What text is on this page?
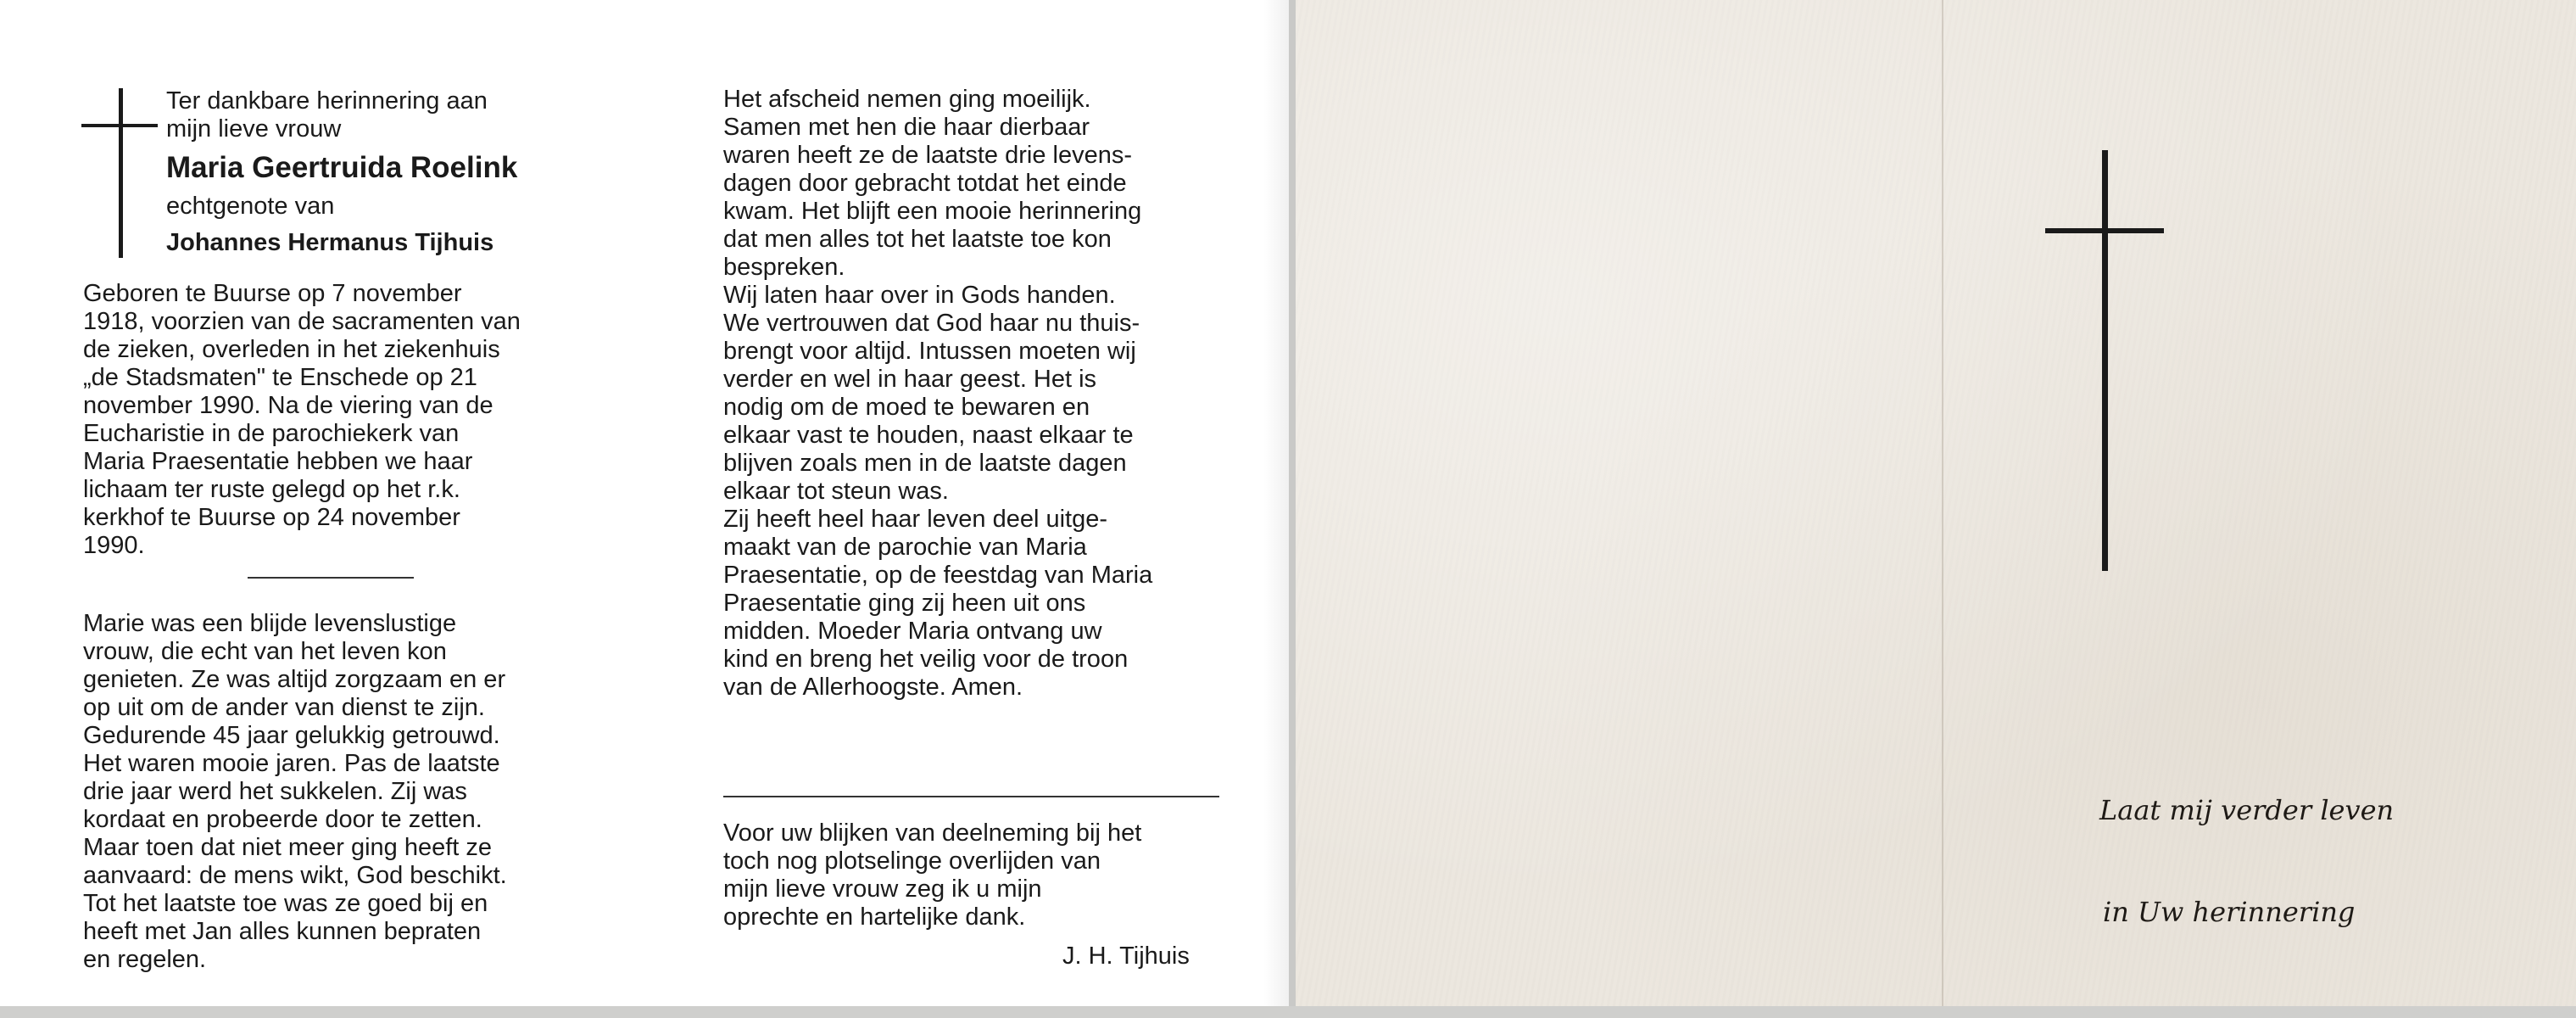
Ter dankbare herinnering aan
mijn lieve vrouw
Maria Geertruida Roelink
echtgenote van
Johannes Hermanus Tijhuis
Geboren te Buurse op 7 november
1918, voorzien van de sacramenten van
de zieken, overleden in het ziekenhuis
„de Stadsmaten" te Enschede op 21
november 1990. Na de viering van de
Eucharistie in de parochiekerk van
Maria Praesentatie hebben we haar
lichaam ter ruste gelegd op het r.k.
kerkhof te Buurse op 24 november
1990.
Marie was een blijde levenslustige
vrouw, die echt van het leven kon
genieten. Ze was altijd zorgzaam en er
op uit om de ander van dienst te zijn.
Gedurende 45 jaar gelukkig getrouwd.
Het waren mooie jaren. Pas de laatste
drie jaar werd het sukkelen. Zij was
kordaat en probeerde door te zetten.
Maar toen dat niet meer ging heeft ze
aanvaard: de mens wikt, God beschikt.
Tot het laatste toe was ze goed bij en
heeft met Jan alles kunnen bepraten
en regelen.
Het afscheid nemen ging moeilijk.
Samen met hen die haar dierbaar
waren heeft ze de laatste drie levens-
dagen door gebracht totdat het einde
kwam. Het blijft een mooie herinnering
dat men alles tot het laatste toe kon
bespreken.
Wij laten haar over in Gods handen.
We vertrouwen dat God haar nu thuis-
brengt voor altijd. Intussen moeten wij
verder en wel in haar geest. Het is
nodig om de moed te bewaren en
elkaar vast te houden, naast elkaar te
blijven zoals men in de laatste dagen
elkaar tot steun was.
Zij heeft heel haar leven deel uitge-
maakt van de parochie van Maria
Praesentatie, op de feestdag van Maria
Praesentatie ging zij heen uit ons
midden. Moeder Maria ontvang uw
kind en breng het veilig voor de troon
van de Allerhoogste. Amen.
Voor uw blijken van deelneming bij het
toch nog plotselinge overlijden van
mijn lieve vrouw zeg ik u mijn
oprechte en hartelijke dank.
J. H. Tijhuis
Laat mij verder leven
in Uw herinnering
